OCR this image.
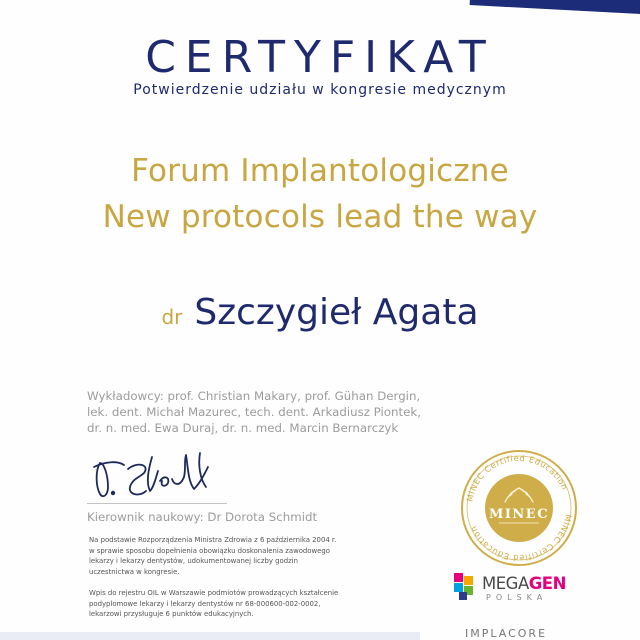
CERTYFIKAT
Potwierdzenie udziału w kongresie medycznym
Forum Implantologiczne
New protocols lead the way
dr Szczygieł Agata
Wykładowcy: prof. Christian Makary, prof. Gühan Dergin,
lek. dent. Michał Mazurec, tech. dent. Arkadiusz Piontek,
dr. n. med. Ewa Duraj, dr. n. med. Marcin Bernarczyk
Kierownik naukowy: Dr Dorota Schmidt
Na podstawie Rozporządzenia Ministra Zdrowia z 6 października 2004 r.
w sprawie sposobu dopełnienia obowiązku doskonalenia zawodowego
lekarzy i lekarzy dentystów, udokumentowanej liczby godzin
uczestnictwa w kongresie.
Wpis do rejestru OIL w Warszawie podmiotów prowadzących kształcenie
podyplomowe lekarzy i lekarzy dentystów nr 68-000600-002-0002,
lekarzowi przysługuje 6 punktów edukacyjnych.
MINEC Certified Education
MINEC Certified Education
MINEC
MEGAGEN
POLSKA
IMPLACORE
